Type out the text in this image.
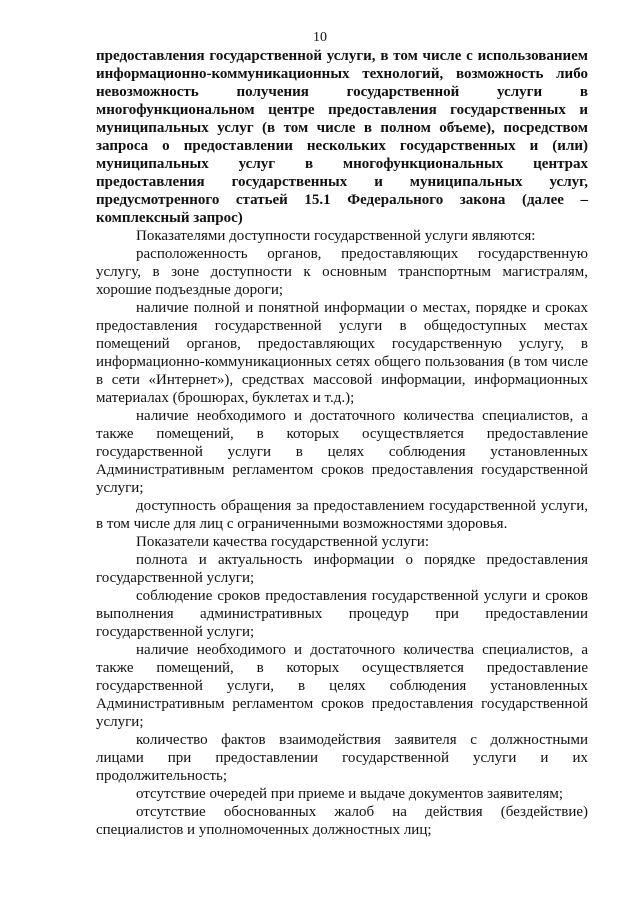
10

предоставления государственной услуги, в том числе с использованием информационно-коммуникационных технологий, возможность либо невозможность получения государственной услуги в многофункциональном центре предоставления государственных и муниципальных услуг (в том числе в полном объеме), посредством запроса о предоставлении нескольких государственных и (или) муниципальных услуг в многофункциональных центрах предоставления государственных и муниципальных услуг, предусмотренного статьей 15.1 Федерального закона (далее – комплексный запрос)

Показателями доступности государственной услуги являются:

расположенность органов, предоставляющих государственную услугу, в зоне доступности к основным транспортным магистралям, хорошие подъездные дороги;

наличие полной и понятной информации о местах, порядке и сроках предоставления государственной услуги в общедоступных местах помещений органов, предоставляющих государственную услугу, в информационно-коммуникационных сетях общего пользования (в том числе в сети «Интернет»), средствах массовой информации, информационных материалах (брошюрах, буклетах и т.д.);

наличие необходимого и достаточного количества специалистов, а также помещений, в которых осуществляется предоставление государственной услуги в целях соблюдения установленных Административным регламентом сроков предоставления государственной услуги;

доступность обращения за предоставлением государственной услуги, в том числе для лиц с ограниченными возможностями здоровья.

Показатели качества государственной услуги:

полнота и актуальность информации о порядке предоставления государственной услуги;

соблюдение сроков предоставления государственной услуги и сроков выполнения административных процедур при предоставлении государственной услуги;

наличие необходимого и достаточного количества специалистов, а также помещений, в которых осуществляется предоставление государственной услуги, в целях соблюдения установленных Административным регламентом сроков предоставления государственной услуги;

количество фактов взаимодействия заявителя с должностными лицами при предоставлении государственной услуги и их продолжительность;

отсутствие очередей при приеме и выдаче документов заявителям;

отсутствие обоснованных жалоб на действия (бездействие) специалистов и уполномоченных должностных лиц;
